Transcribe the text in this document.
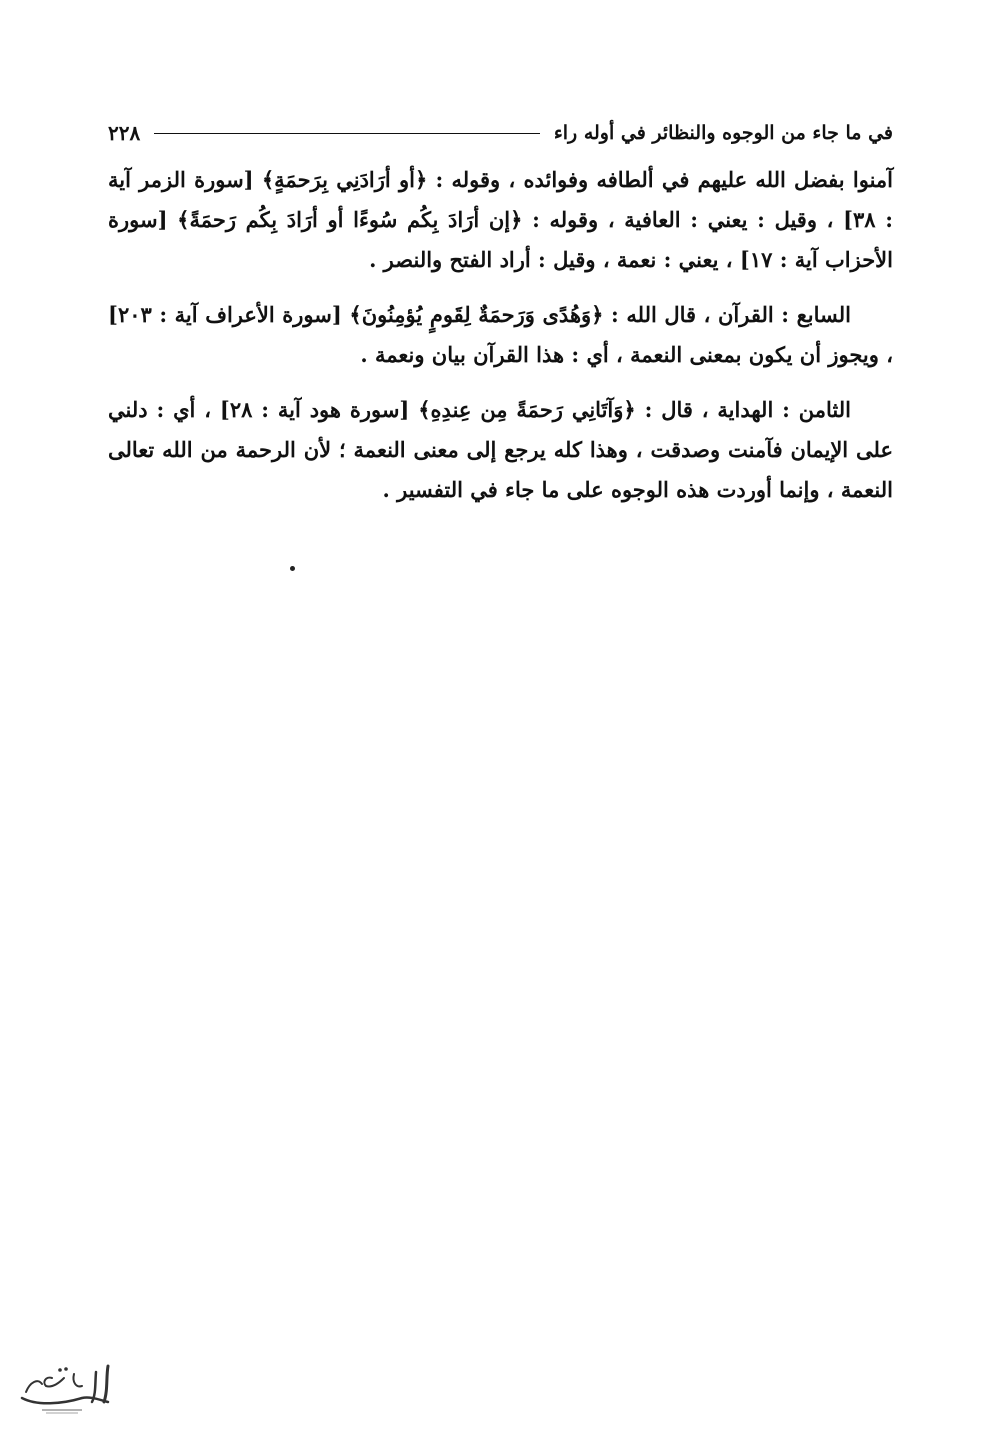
في ما جاء من الوجوه والنظائر في أوله راء
٢٢٨

آمنوا بفضل الله عليهم في ألطافه وفوائده ، وقوله : ﴿أو أرَادَنِي بِرَحمَةٍ﴾ [سورة الزمر آية : ٣٨] ، وقيل : يعني : العافية ، وقوله : ﴿إن أرَادَ بِكُم سُوءًا أو أرَادَ بِكُم رَحمَةً﴾ [سورة الأحزاب آية : ١٧] ، يعني : نعمة ، وقيل : أراد الفتح والنصر .

السابع : القرآن ، قال الله : ﴿وَهُدًى وَرَحمَةٌ لِقَومٍ يُؤمِنُونَ﴾ [سورة الأعراف آية : ٢٠٣] ، ويجوز أن يكون بمعنى النعمة ، أي : هذا القرآن بيان ونعمة .

الثامن : الهداية ، قال : ﴿وَآتَانِي رَحمَةً مِن عِندِهِ﴾ [سورة هود آية : ٢٨] ، أي : دلني على الإيمان فآمنت وصدقت ، وهذا كله يرجع إلى معنى النعمة ؛ لأن الرحمة من الله تعالى النعمة ، وإنما أوردت هذه الوجوه على ما جاء في التفسير .
